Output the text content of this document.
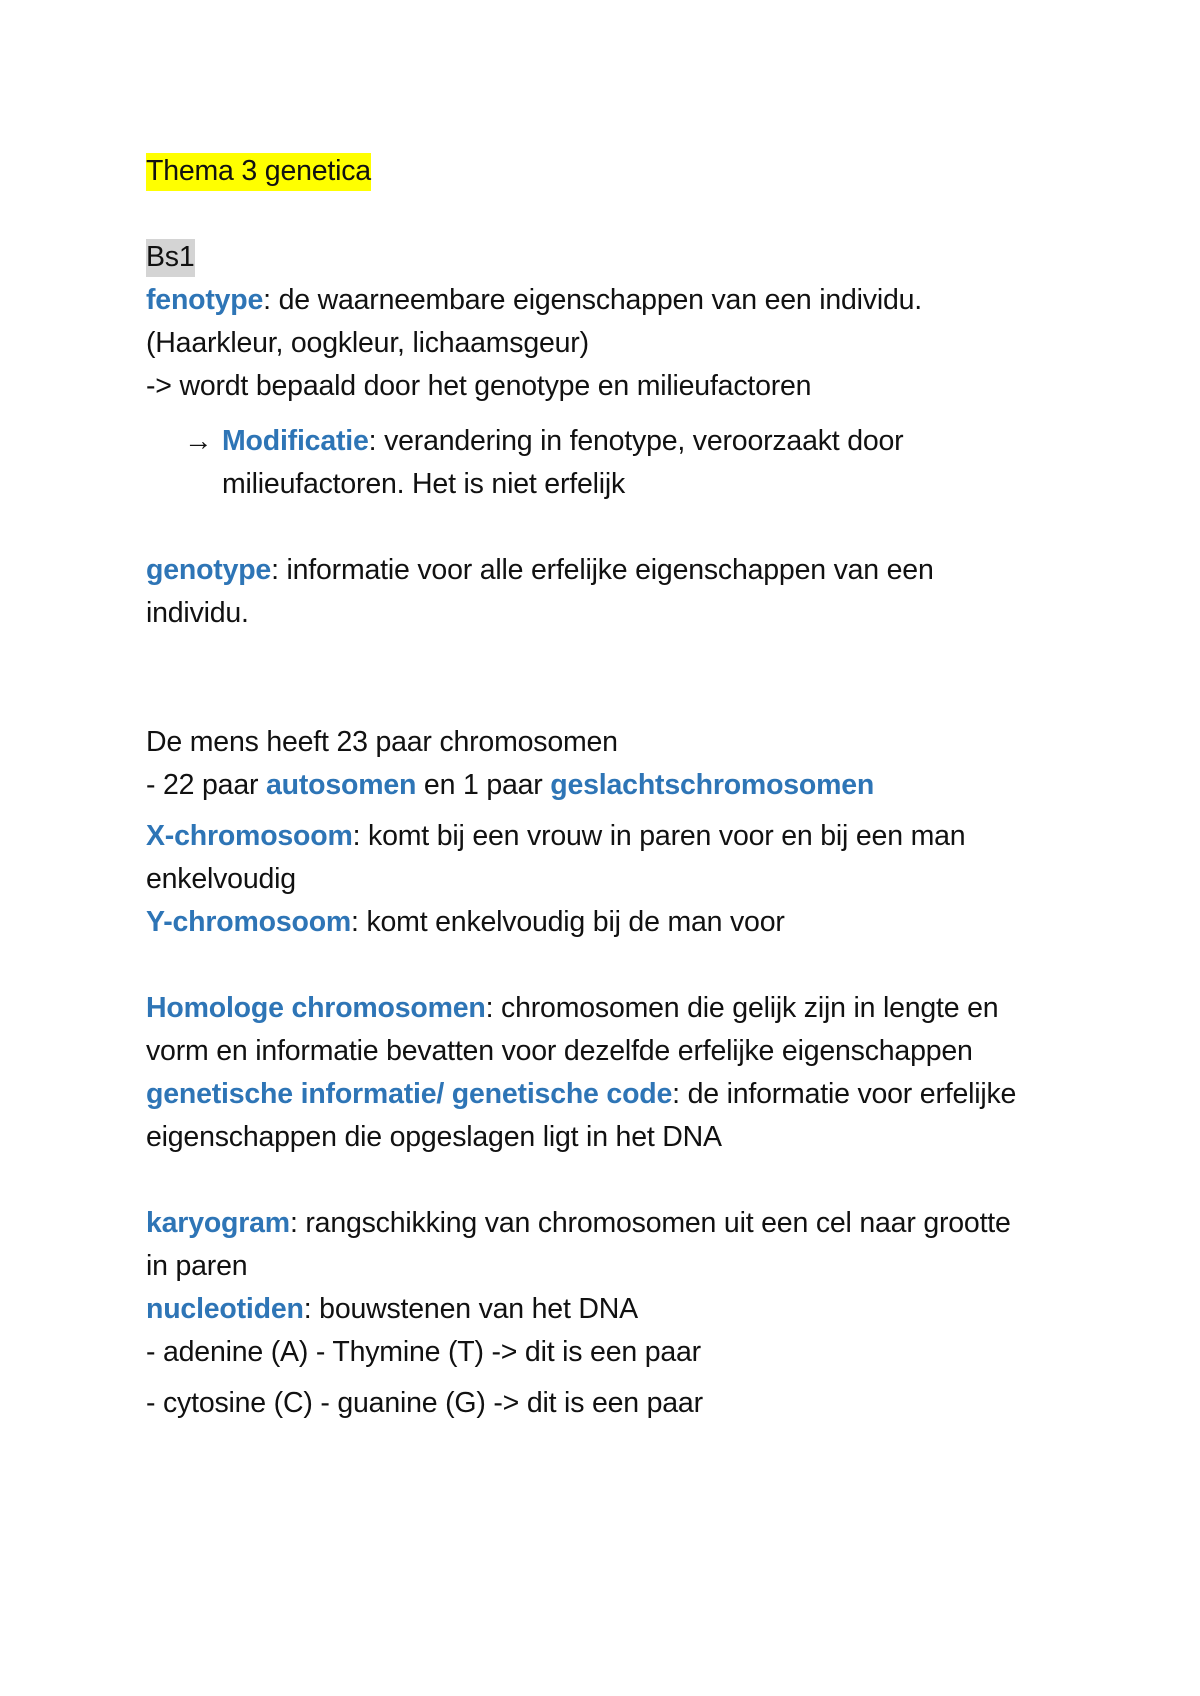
Thema 3 genetica

Bs1

fenotype: de waarneembare eigenschappen van een individu.

(Haarkleur, oogkleur, lichaamsgeur)

-> wordt bepaald door het genotype en milieufactoren

→ Modificatie: verandering in fenotype, veroorzaakt door
milieufactoren. Het is niet erfelijk

genotype: informatie voor alle erfelijke eigenschappen van een
individu.

De mens heeft 23 paar chromosomen

- 22 paar autosomen en 1 paar geslachtschromosomen

X-chromosoom: komt bij een vrouw in paren voor en bij een man
enkelvoudig

Y-chromosoom: komt enkelvoudig bij de man voor

Homologe chromosomen: chromosomen die gelijk zijn in lengte en
vorm en informatie bevatten voor dezelfde erfelijke eigenschappen

genetische informatie/ genetische code: de informatie voor erfelijke
eigenschappen die opgeslagen ligt in het DNA

karyogram: rangschikking van chromosomen uit een cel naar grootte
in paren

nucleotiden: bouwstenen van het DNA

- adenine (A) - Thymine (T) -> dit is een paar

- cytosine (C) - guanine (G) -> dit is een paar
